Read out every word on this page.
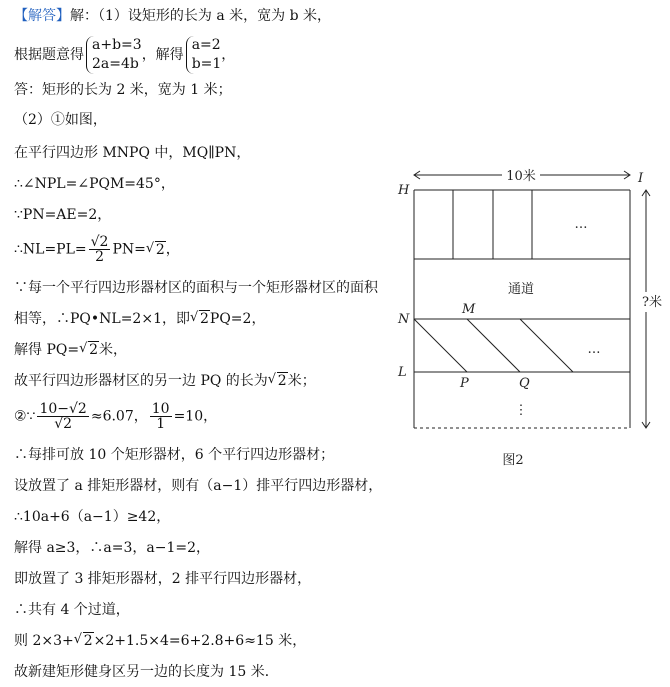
【解答】解：（1）设矩形的长为 a 米，宽为 b 米，
根据题意得a+b=3
2a=4b，解得a=2
b=1，
答：矩形的长为 2 米，宽为 1 米；
（2）①如图，
在平行四边形 MNPQ 中，MQ∥PN，
∴∠NPL=∠PQM=45°，
∵PN=AE=2，
∴NL=PL= $\frac{√2}{2} PN=√$ 2，
∵每一个平行四边形器材区的面积与一个矩形器材区的面积
相等，∴PQ•NL=2×1，即√ 2PQ=2，
解得 PQ=√ 2米，
故平行四边形器材区的另一边 PQ 的长为√ 2米；
②∵ $\frac{10-√2}{√2} \approx 6.07$， $\frac{10}{1} =10$，
∴每排可放 10 个矩形器材，6 个平行四边形器材；
设放置了 a 排矩形器材，则有（a−1）排平行四边形器材，
∴10a+6（a−1）≥42，
解得 a≥3，∴a=3，a−1=2，
即放置了 3 排矩形器材，2 排平行四边形器材，
∴共有 4 个过道，
则 2×3+√ 2×2+1.5×4=6+2.8+6≈15 米，
故新建矩形健身区另一边的长度为 15 米．
10米
?米
…
通道
…
⋮
H
I
N
M
L
P	Q
图2
